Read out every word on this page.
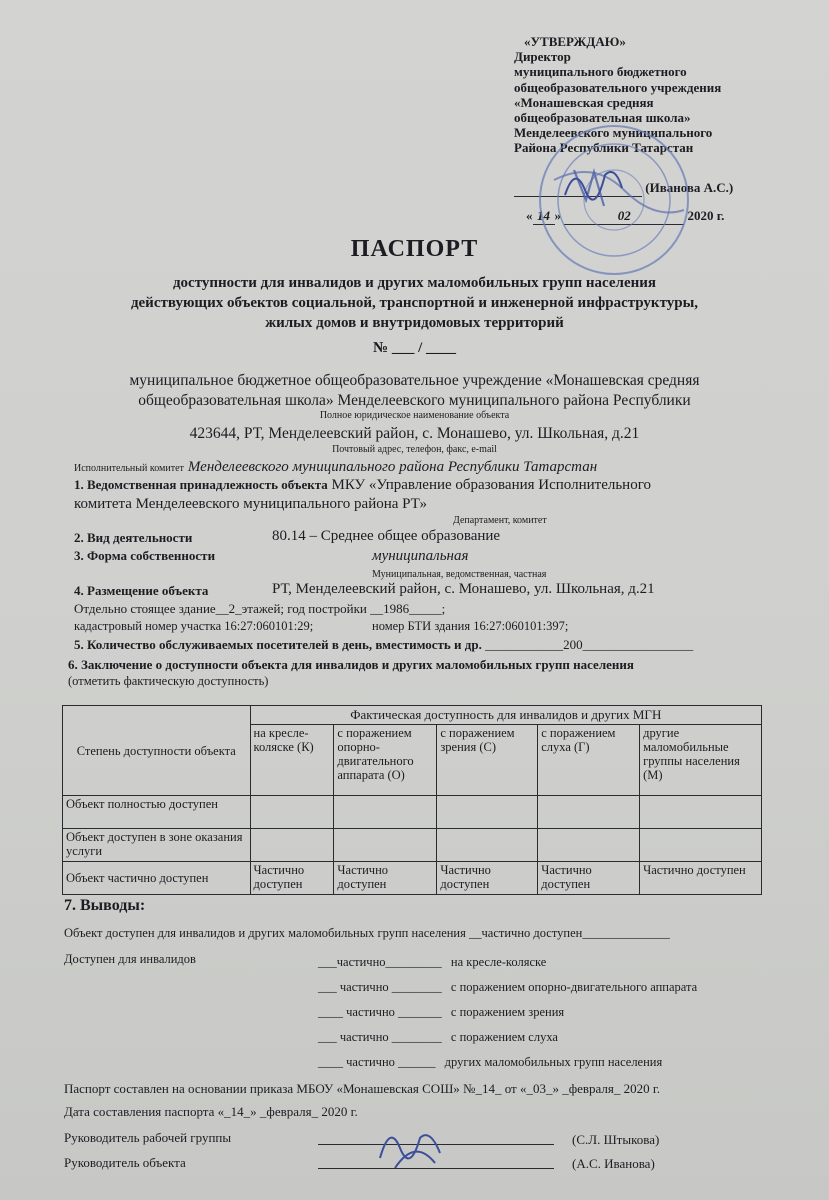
«УТВЕРЖДАЮ»
Директор
муниципального бюджетного
общеобразовательного учреждения
«Монашевская средняя
общеобразовательная школа»
Менделеевского муниципального
Района Республики Татарстан
(Иванова А.С.)
« 14 »	02	2020 г.
ПАСПОРТ
доступности для инвалидов и других маломобильных групп населения
действующих объектов социальной, транспортной и инженерной инфраструктуры,
жилых домов и внутридомовых территорий
№ ___ / ____
муниципальное бюджетное общеобразовательное учреждение «Монашевская средняя
общеобразовательная школа» Менделеевского муниципального района Республики
Полное юридическое наименование объекта
423644, РТ, Менделеевский район, с. Монашево, ул. Школьная, д.21
Почтовый адрес, телефон, факс, e-mail
Исполнительный комитет Менделеевского муниципального района Республики Татарстан
1. Ведомственная принадлежность объекта МКУ «Управление образования Исполнительного
комитета Менделеевского муниципального района РТ»
Департамент, комитет
2. Вид деятельности	80.14 – Среднее общее образование
3. Форма собственности	муниципальная
Муниципальная, ведомственная, частная
4. Размещение объекта	РТ, Менделеевский район, с. Монашево, ул. Школьная, д.21
Отдельно стоящее здание__2_этажей; год постройки __1986_____;
кадастровый номер участка 16:27:060101:29;	номер БТИ здания 16:27:060101:397;
5. Количество обслуживаемых посетителей в день, вместимость и др. ____________200_________________
6. Заключение о доступности объекта для инвалидов и других маломобильных групп населения
(отметить фактическую доступность)
Степень доступности объекта	Фактическая доступность для инвалидов и других МГН				
	на кресле-коляске (К)	с поражением опорно-двигательного аппарата (О)	с поражением зрения (С)	с поражением слуха (Г)	другие маломобильные группы населения (М)
Объект полностью доступен					
Объект доступен в зоне оказания услуги					
Объект частично доступен	Частично доступен	Частично доступен	Частично доступен	Частично доступен	Частично доступен
7. Выводы:
Объект доступен для инвалидов и других маломобильных групп населения __частично доступен______________
Доступен для инвалидов	___частично_________ на кресле-коляске
___ частично ________ с поражением опорно-двигательного аппарата
____ частично _______ с поражением зрения
___ частично ________ с поражением слуха
____ частично ______ других маломобильных групп населения
Паспорт составлен на основании приказа МБОУ «Монашевская СОШ» №_14_ от «_03_» _февраля_ 2020 г.
Дата составления паспорта «_14_» _февраля_ 2020 г.
Руководитель рабочей группы	(С.Л. Штыкова)
Руководитель объекта	(А.С. Иванова)
